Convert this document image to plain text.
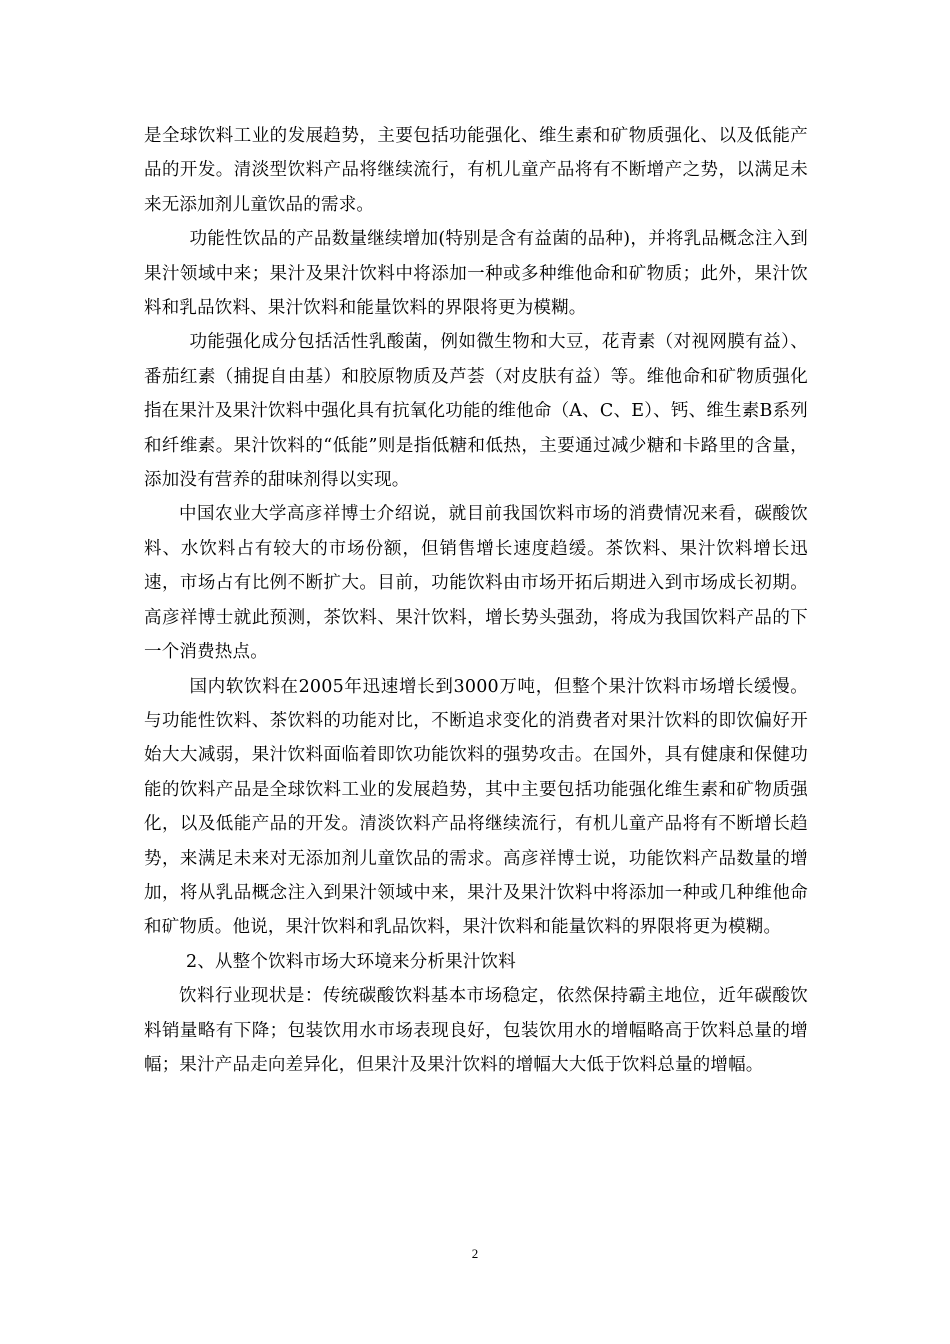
是全球饮料工业的发展趋势，主要包括功能强化、维生素和矿物质强化、以及低能产品的开发。清淡型饮料产品将继续流行，有机儿童产品将有不断增产之势，以满足未来无添加剂儿童饮品的需求。

功能性饮品的产品数量继续增加(特别是含有益菌的品种)，并将乳品概念注入到果汁领域中来；果汁及果汁饮料中将添加一种或多种维他命和矿物质；此外，果汁饮料和乳品饮料、果汁饮料和能量饮料的界限将更为模糊。

功能强化成分包括活性乳酸菌，例如微生物和大豆，花青素（对视网膜有益）、番茄红素（捕捉自由基）和胶原物质及芦荟（对皮肤有益）等。维他命和矿物质强化指在果汁及果汁饮料中强化具有抗氧化功能的维他命（A、C、E）、钙、维生素B系列和纤维素。果汁饮料的“低能”则是指低糖和低热，主要通过减少糖和卡路里的含量，添加没有营养的甜味剂得以实现。

中国农业大学高彦祥博士介绍说，就目前我国饮料市场的消费情况来看，碳酸饮料、水饮料占有较大的市场份额，但销售增长速度趋缓。茶饮料、果汁饮料增长迅速，市场占有比例不断扩大。目前，功能饮料由市场开拓后期进入到市场成长初期。高彦祥博士就此预测，茶饮料、果汁饮料，增长势头强劲，将成为我国饮料产品的下一个消费热点。

国内软饮料在2005年迅速增长到3000万吨，但整个果汁饮料市场增长缓慢。与功能性饮料、茶饮料的功能对比，不断追求变化的消费者对果汁饮料的即饮偏好开始大大减弱，果汁饮料面临着即饮功能饮料的强势攻击。在国外，具有健康和保健功能的饮料产品是全球饮料工业的发展趋势，其中主要包括功能强化维生素和矿物质强化，以及低能产品的开发。清淡饮料产品将继续流行，有机儿童产品将有不断增长趋势，来满足未来对无添加剂儿童饮品的需求。高彦祥博士说，功能饮料产品数量的增加，将从乳品概念注入到果汁领域中来，果汁及果汁饮料中将添加一种或几种维他命和矿物质。他说，果汁饮料和乳品饮料，果汁饮料和能量饮料的界限将更为模糊。

2、从整个饮料市场大环境来分析果汁饮料

饮料行业现状是：传统碳酸饮料基本市场稳定，依然保持霸主地位，近年碳酸饮料销量略有下降；包装饮用水市场表现良好，包装饮用水的增幅略高于饮料总量的增幅；果汁产品走向差异化，但果汁及果汁饮料的增幅大大低于饮料总量的增幅。

2
